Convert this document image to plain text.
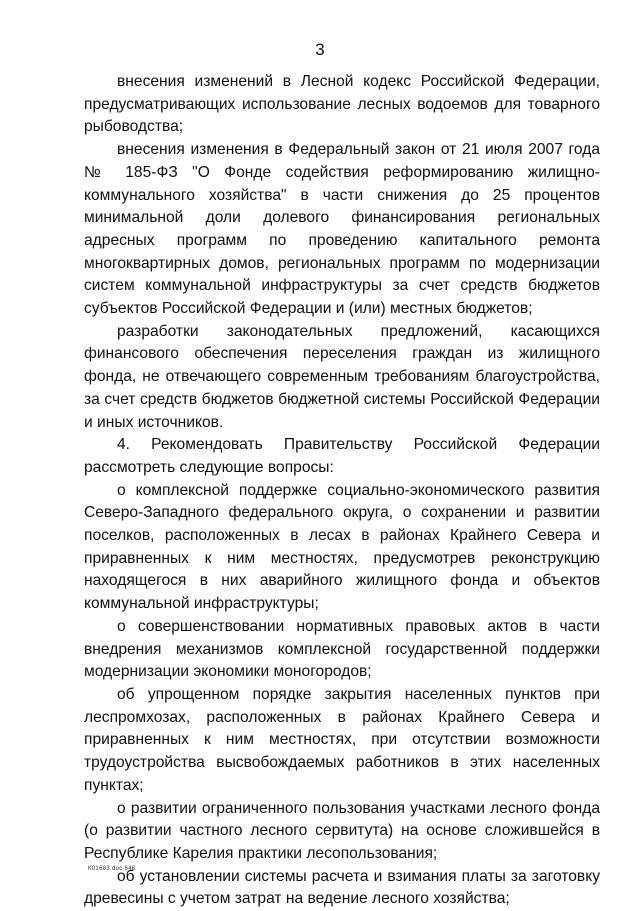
3

внесения изменений в Лесной кодекс Российской Федерации, предусматривающих использование лесных водоемов для товарного рыбоводства;

внесения изменения в Федеральный закон от 21 июля 2007 года № 185-ФЗ "О Фонде содействия реформированию жилищно-коммунального хозяйства" в части снижения до 25 процентов минимальной доли долевого финансирования региональных адресных программ по проведению капитального ремонта многоквартирных домов, региональных программ по модернизации систем коммунальной инфраструктуры за счет средств бюджетов субъектов Российской Федерации и (или) местных бюджетов;

разработки законодательных предложений, касающихся финансового обеспечения переселения граждан из жилищного фонда, не отвечающего современным требованиям благоустройства, за счет средств бюджетов бюджетной системы Российской Федерации и иных источников.

4. Рекомендовать Правительству Российской Федерации рассмотреть следующие вопросы:

о комплексной поддержке социально-экономического развития Северо-Западного федерального округа, о сохранении и развитии поселков, расположенных в лесах в районах Крайнего Севера и приравненных к ним местностях, предусмотрев реконструкцию находящегося в них аварийного жилищного фонда и объектов коммунальной инфраструктуры;

о совершенствовании нормативных правовых актов в части внедрения механизмов комплексной государственной поддержки модернизации экономики моногородов;

об упрощенном порядке закрытия населенных пунктов при леспромхозах, расположенных в районах Крайнего Севера и приравненных к ним местностях, при отсутствии возможности трудоустройства высвобождаемых работников в этих населенных пунктах;

о развитии ограниченного пользования участками лесного фонда (о развитии частного лесного сервитута) на основе сложившейся в Республике Карелия практики лесопользования;

об установлении системы расчета и взимания платы за заготовку древесины с учетом затрат на ведение лесного хозяйства;

К01683.doc 646
